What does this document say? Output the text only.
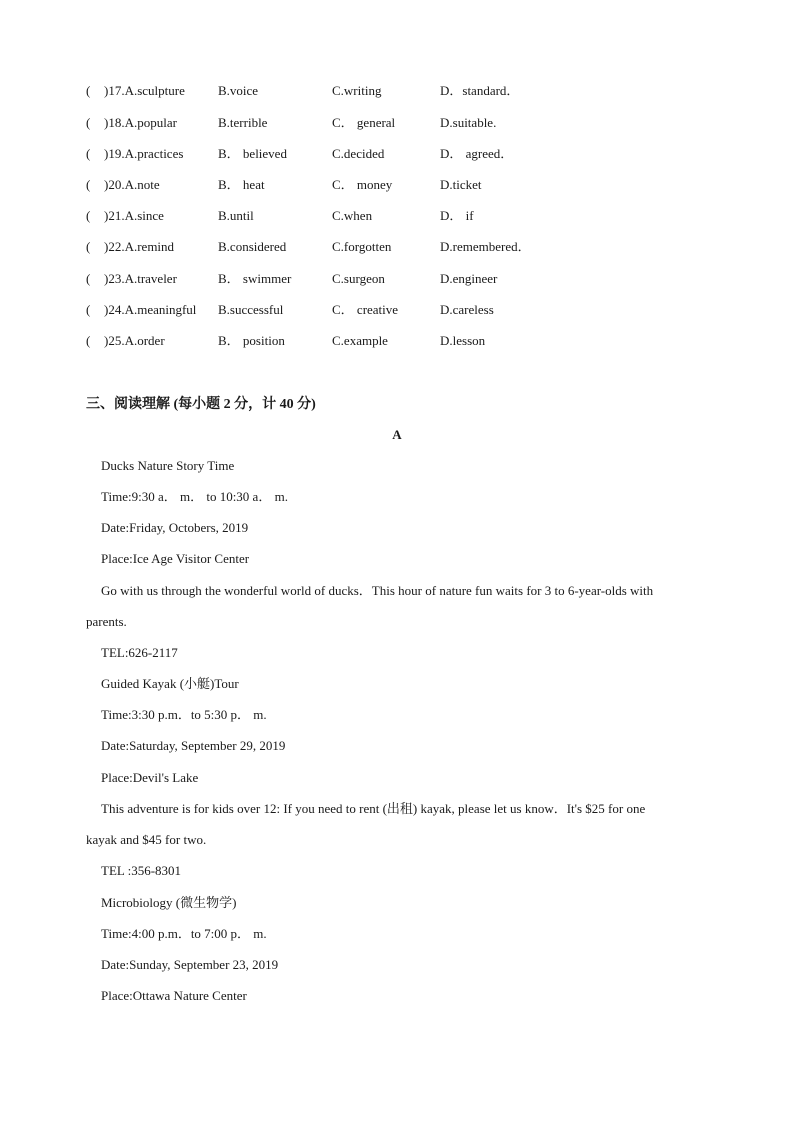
( )17.A.sculpture	B.voice	C.writing	D．standard．
( )18.A.popular	B.terrible	C． general	D.suitable.
( )19.A.practices	B． believed	C.decided	D． agreed．
( )20.A.note	B． heat	C． money	D.ticket
( )21.A.since	B.until	C.when	D． if
( )22.A.remind	B.considered	C.forgotten	D.remembered．
( )23.A.traveler	B． swimmer	C.surgeon	D.engineer
( )24.A.meaningful B.successful	C． creative	D.careless
( )25.A.order	B． position	C.example	D.lesson
三、阅读理解 (每小题 2 分，计 40 分)
A
Ducks Nature Story Time
Time:9:30 a． m． to 10:30 a． m.
Date:Friday, Octobers, 2019
Place:Ice Age Visitor Center
Go with us through the wonderful world of ducks．This hour of nature fun waits for 3 to 6-year-olds with
parents.
TEL:626-2117
Guided Kayak (小艇)Tour
Time:3:30 p.m．to 5:30 p． m.
Date:Saturday, September 29, 2019
Place:Devil's Lake
This adventure is for kids over 12: If you need to rent (出租) kayak, please let us know．It's $25 for one
kayak and $45 for two.
TEL :356-8301
Microbiology (微生物学)
Time:4:00 p.m．to 7:00 p． m.
Date:Sunday, September 23, 2019
Place:Ottawa Nature Center
